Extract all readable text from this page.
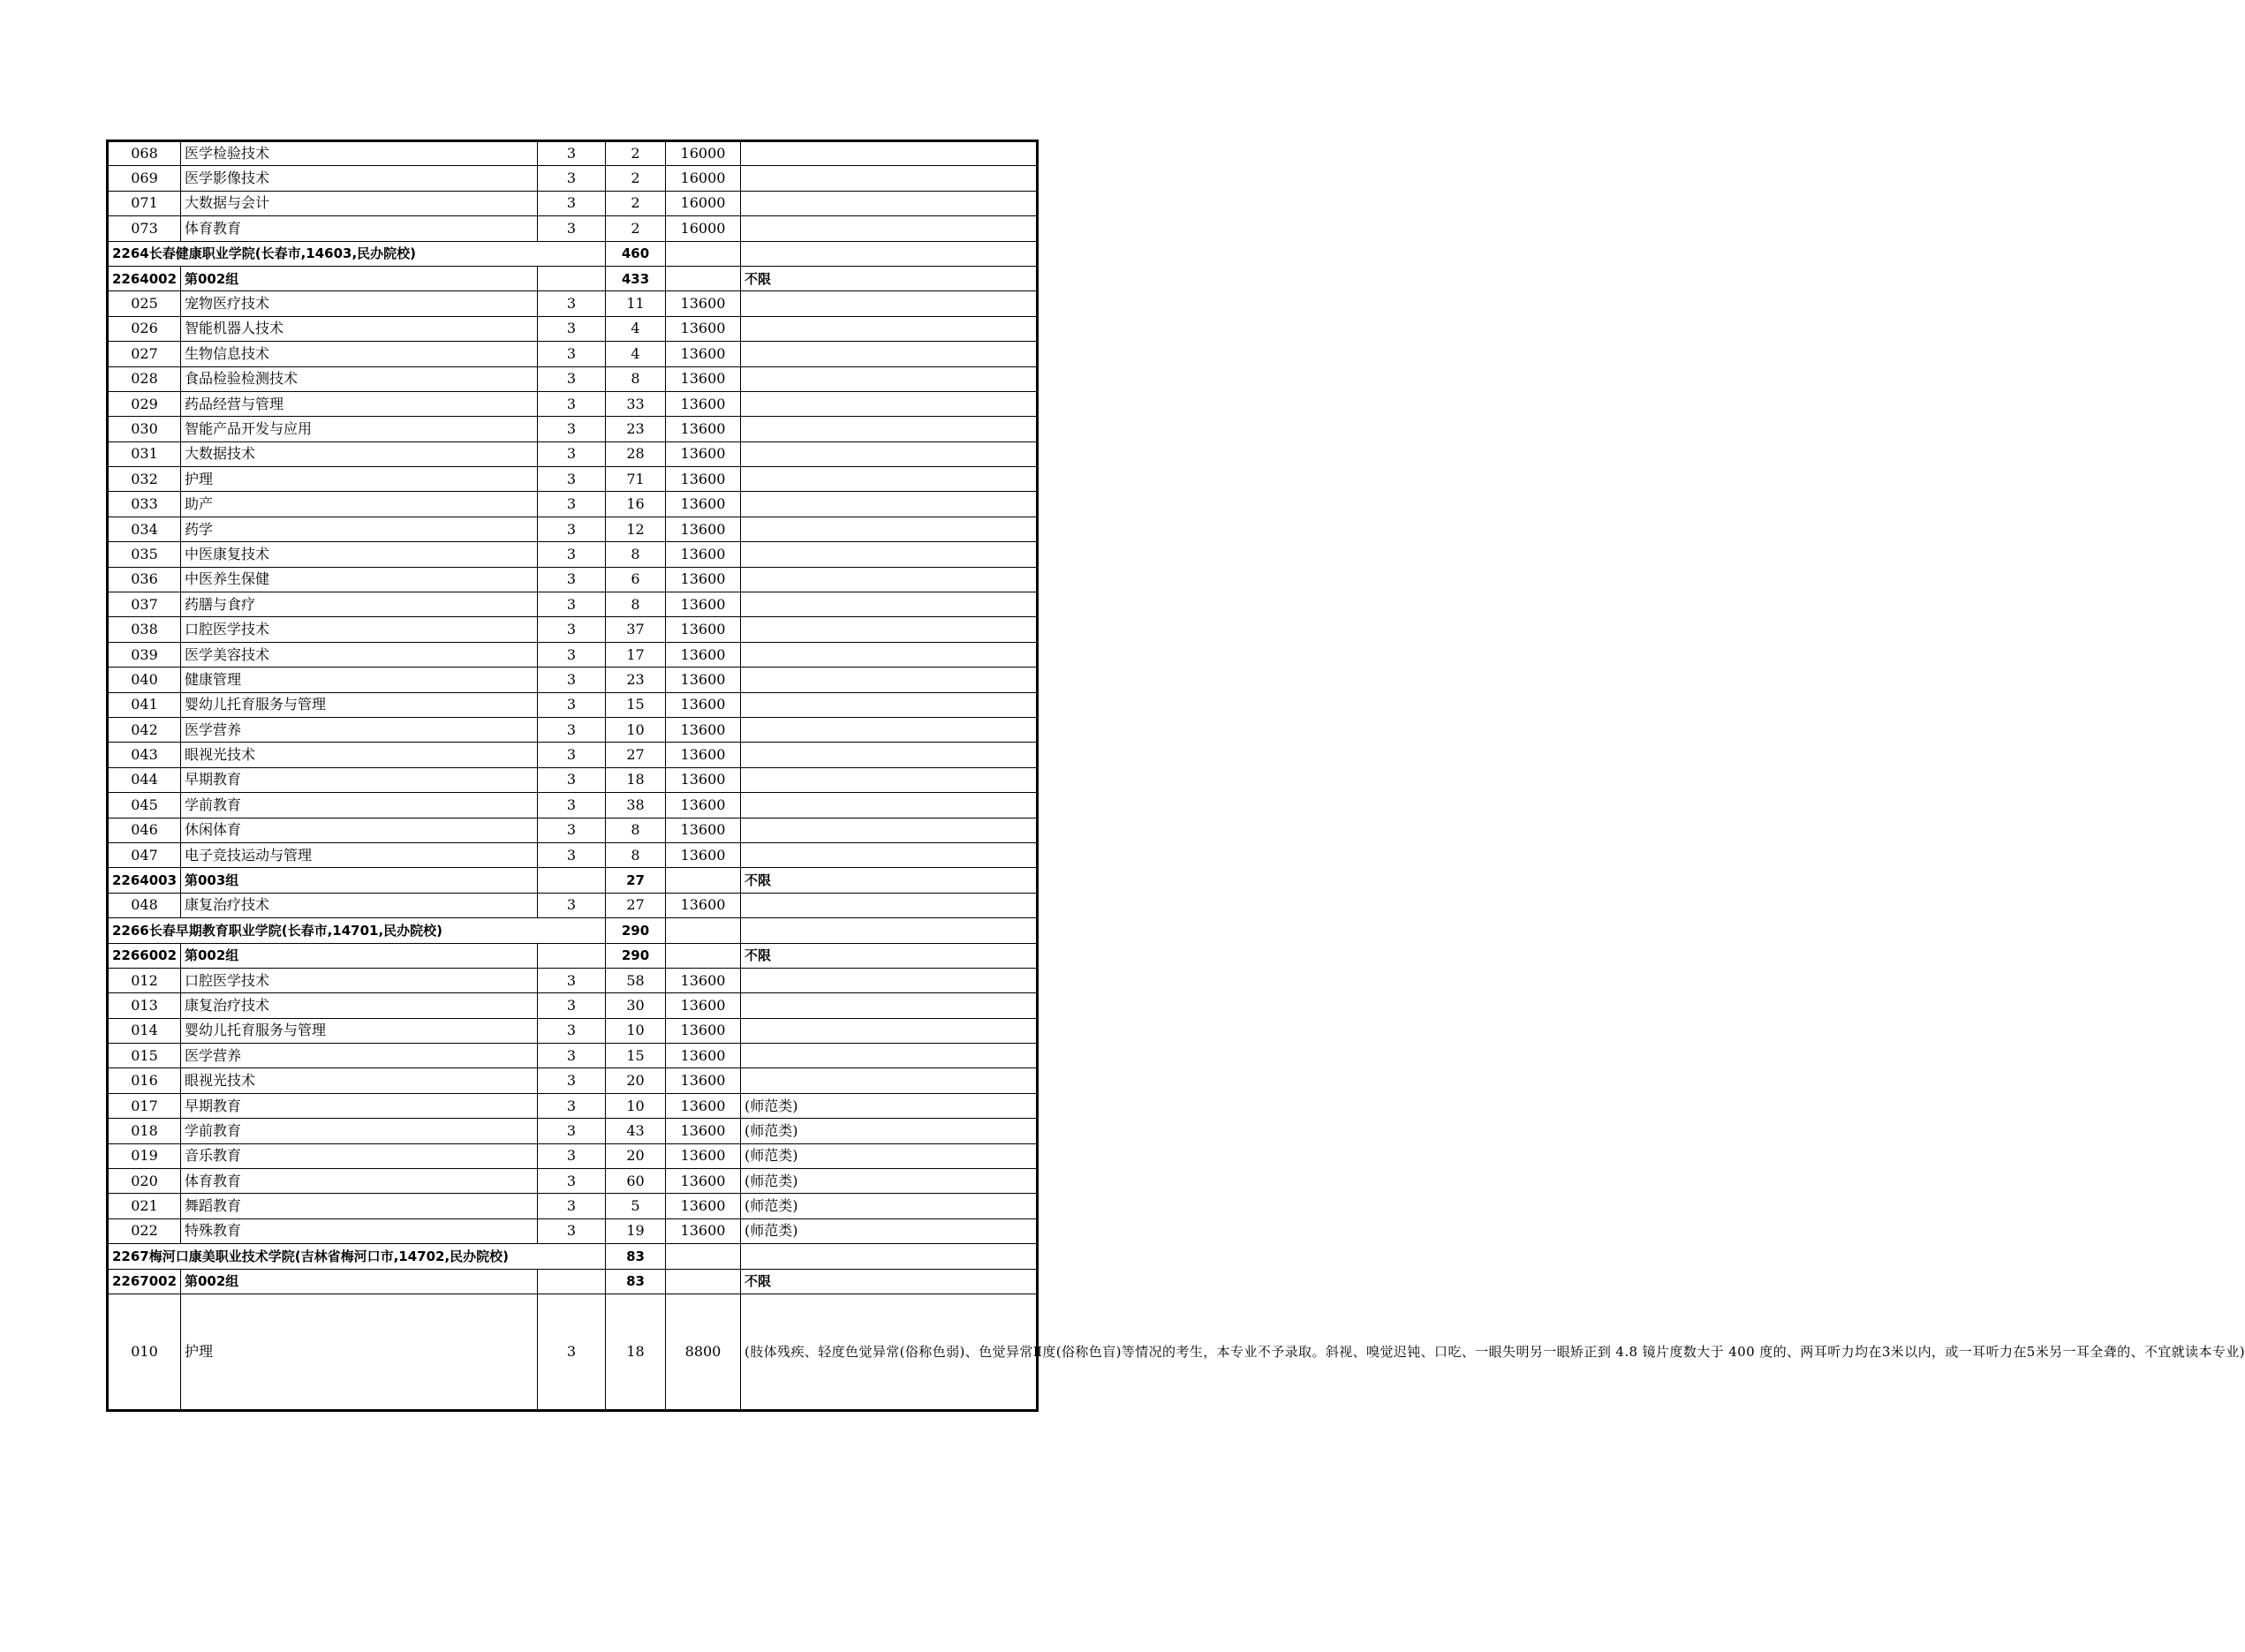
068	医学检验技术	3	2	16000	
069	医学影像技术	3	2	16000	
071	大数据与会计	3	2	16000	
073	体育教育	3	2	16000	
2264长春健康职业学院(长春市,14603,民办院校)			460		
2264002	第002组		433		不限
025	宠物医疗技术	3	11	13600	
026	智能机器人技术	3	4	13600	
027	生物信息技术	3	4	13600	
028	食品检验检测技术	3	8	13600	
029	药品经营与管理	3	33	13600	
030	智能产品开发与应用	3	23	13600	
031	大数据技术	3	28	13600	
032	护理	3	71	13600	
033	助产	3	16	13600	
034	药学	3	12	13600	
035	中医康复技术	3	8	13600	
036	中医养生保健	3	6	13600	
037	药膳与食疗	3	8	13600	
038	口腔医学技术	3	37	13600	
039	医学美容技术	3	17	13600	
040	健康管理	3	23	13600	
041	婴幼儿托育服务与管理	3	15	13600	
042	医学营养	3	10	13600	
043	眼视光技术	3	27	13600	
044	早期教育	3	18	13600	
045	学前教育	3	38	13600	
046	休闲体育	3	8	13600	
047	电子竞技运动与管理	3	8	13600	
2264003	第003组		27		不限
048	康复治疗技术	3	27	13600	
2266长春早期教育职业学院(长春市,14701,民办院校)			290		
2266002	第002组		290		不限
012	口腔医学技术	3	58	13600	
013	康复治疗技术	3	30	13600	
014	婴幼儿托育服务与管理	3	10	13600	
015	医学营养	3	15	13600	
016	眼视光技术	3	20	13600	
017	早期教育	3	10	13600	(师范类)
018	学前教育	3	43	13600	(师范类)
019	音乐教育	3	20	13600	(师范类)
020	体育教育	3	60	13600	(师范类)
021	舞蹈教育	3	5	13600	(师范类)
022	特殊教育	3	19	13600	(师范类)
2267梅河口康美职业技术学院(吉林省梅河口市,14702,民办院校)			83		
2267002	第002组		83		不限
010	护理	3	18	8800	(肢体残疾、轻度色觉异常(俗称色弱)、色觉异常Ⅱ度(俗称色盲)等情况的考生，本专业不予录取。斜视、嗅觉迟钝、口吃、一眼失明另一眼矫正到 4.8 镜片度数大于 400 度的、两耳听力均在3米以内，或一耳听力在5米另一耳全聋的、不宜就读本专业)
